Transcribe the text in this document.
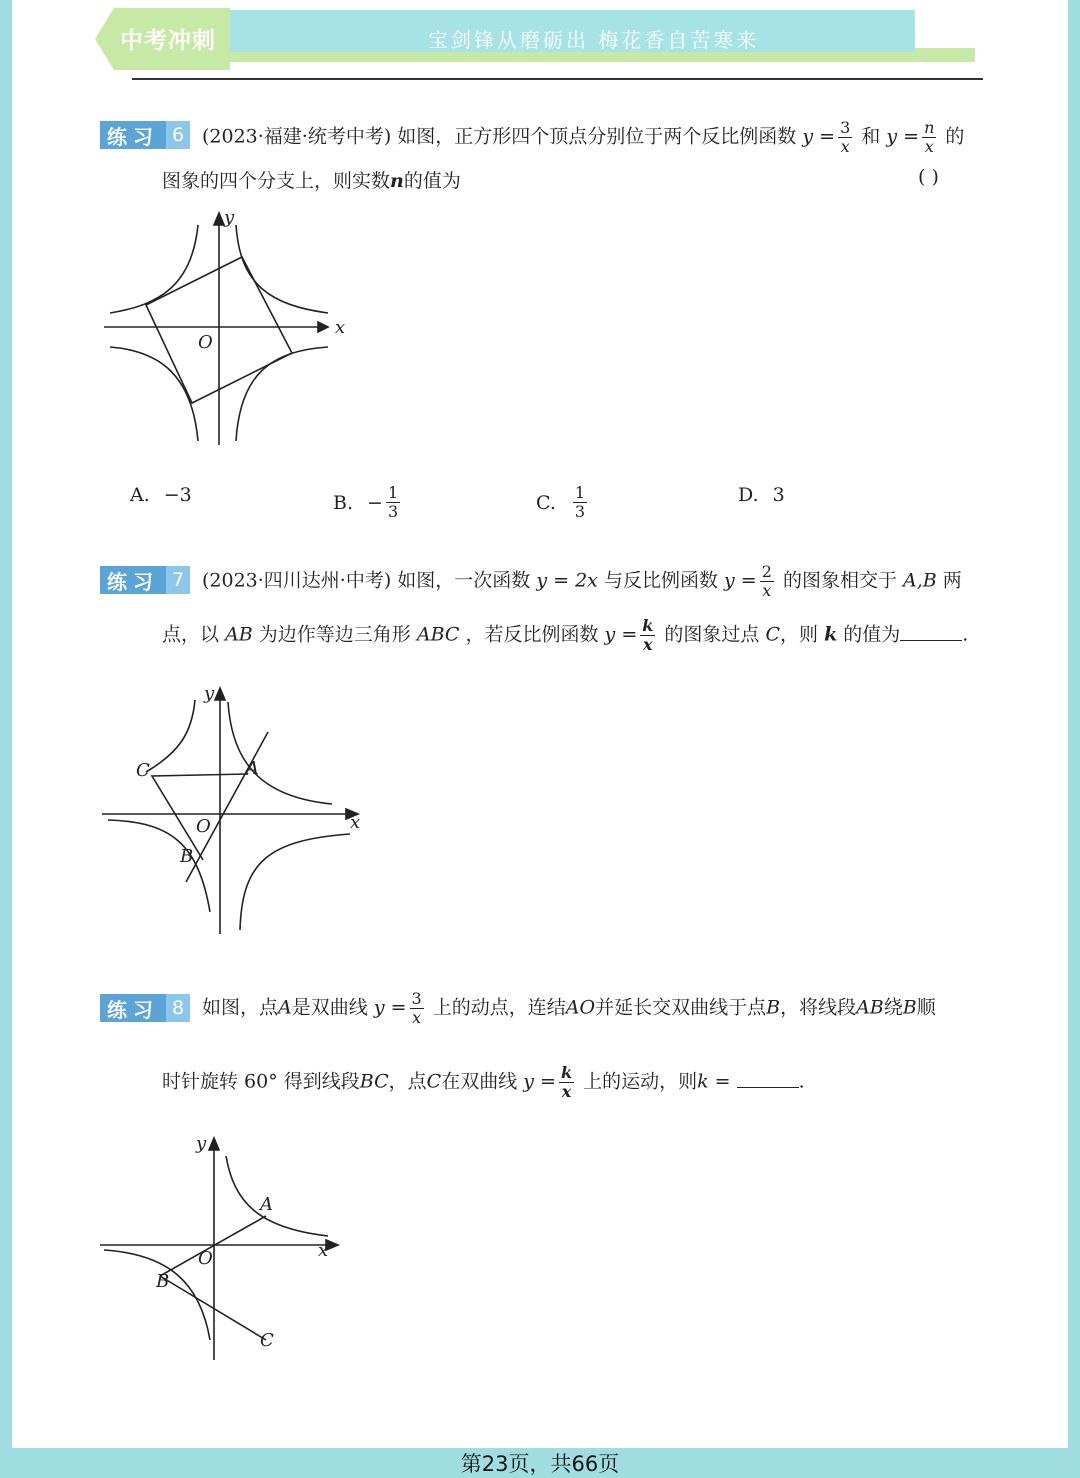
中考冲刺	宝剑锋从磨砺出 梅花香自苦寒来
练习 6 (2023·福建·统考中考) 如图，正方形四个顶点分别位于两个反比例函数 $y = \frac{3}{x}$ 和 $y = \frac{n}{x}$ 的
图象的四个分支上，则实数n的值为	( )
y
x
O
A. −3	B. − $\frac{1}{3}$	C. $\frac{1}{3}$	D. 3
练习 7 (2023·四川达州·中考) 如图，一次函数 y = 2x 与反比例函数 $y = \frac{2}{x}$ 的图象相交于 A,B 两
点，以 AB 为边作等边三角形 ABC ，若反比例函数 $y = \frac{k}{x}$ 的图象过点 C，则 k 的值为	.
y
x
O
A
B
C
练习 8 如图，点A是双曲线 $y = \frac{3}{x}$ 上的动点，连结AO并延长交双曲线于点B，将线段AB绕B顺
时针旋转 60° 得到线段BC，点C在双曲线 $y = \frac{k}{x}$ 上的运动，则k =	.
y
x
O
A
B
C
第23页，共66页
